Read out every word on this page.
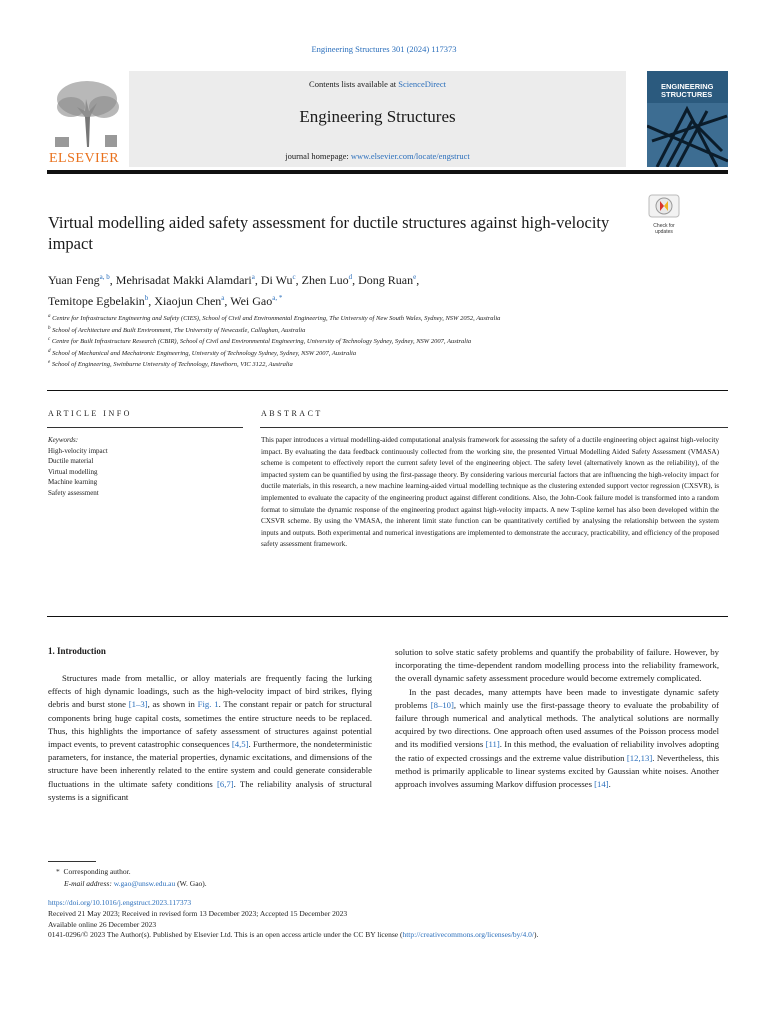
Engineering Structures 301 (2024) 117373
ELSEVIER
Contents lists available at ScienceDirect
Engineering Structures
journal homepage: www.elsevier.com/locate/engstruct
ENGINEERING
STRUCTURES
Virtual modelling aided safety assessment for ductile structures against high-velocity impact
Check for
updates
Yuan Feng$^{a, b}$, Mehrisadat Makki Alamdari$^a$, Di Wu$^c$, Zhen Luo$^d$, Dong Ruan$^e$,
Temitope Egbelakin$^b$, Xiaojun Chen$^a$, Wei Gao$^{a, *}$
$^a$ Centre for Infrastructure Engineering and Safety (CIES), School of Civil and Environmental Engineering, The University of New South Wales, Sydney, NSW 2052, Australia
$^b$ School of Architecture and Built Environment, The University of Newcastle, Callaghan, Australia
$^c$ Centre for Built Infrastructure Research (CBIR), School of Civil and Environmental Engineering, University of Technology Sydney, Sydney, NSW 2007, Australia
$^d$ School of Mechanical and Mechatronic Engineering, University of Technology Sydney, Sydney, NSW 2007, Australia
$^e$ School of Engineering, Swinburne University of Technology, Hawthorn, VIC 3122, Australia
ARTICLE INFO	ABSTRACT
Keywords:
High-velocity impact
Ductile material
Virtual modelling
Machine learning
Safety assessment
This paper introduces a virtual modelling-aided computational analysis framework for assessing the safety of a ductile engineering object against high-velocity impact. By evaluating the data feedback continuously collected from the working site, the presented Virtual Modelling Aided Safety Assessment (VMASA) scheme is competent to effectively report the current safety level of the engineering object. The safety level (alternatively known as the reliability), of the impacted system can be quantified by using the first-passage theory. By considering various mercurial factors that are influencing the high-velocity impact for ductile materials, in this research, a new machine learning-aided virtual modelling technique as the clustering extended support vector regression (CXSVR), is implemented to evaluate the capacity of the engineering product against different conditions. Also, the John-Cook failure model is transformed into a random format to simulate the dynamic response of the engineering product against high-velocity impacts. A new T-spline kernel has also been developed within the CXSVR scheme. By using the VMASA, the inherent limit state function can be quantitatively certified by analysing the relationship between the system inputs and outputs. Both experimental and numerical investigations are implemented to demonstrate the accuracy, practicability, and efficiency of the proposed safety assessment framework.
1. Introduction

Structures made from metallic, or alloy materials are frequently facing the lurking effects of high dynamic loadings, such as the high-velocity impact of bird strikes, flying debris and burst stone [1–3], as shown in Fig. 1. The constant repair or patch for structural components bring huge capital costs, sometimes the entire structure needs to be replaced. Thus, this highlights the importance of safety assessment of structures against potential impact events, to prevent catastrophic consequences [4,5]. Furthermore, the nondeterministic parameters, for instance, the material properties, dynamic excitations, and dimensions of the structure have been inherently related to the entire system and could generate considerable fluctuations in the ultimate safety conditions [6,7]. The reliability analysis of structural systems is a significant

solution to solve static safety problems and quantify the probability of failure. However, by incorporating the time-dependent random modelling process into the reliability framework, the overall dynamic safety assessment procedure would become extremely complicated.

In the past decades, many attempts have been made to investigate dynamic safety problems [8–10], which mainly use the first-passage theory to evaluate the probability of failure through numerical and analytical methods. The analytical solutions are normally acquired by two directions. One approach often used assumes of the Poisson process model and its modified versions [11]. In this method, the evaluation of reliability involves adopting the ratio of expected crossings and the extreme value distribution [12,13]. Nevertheless, this method is primarily applicable to linear systems excited by Gaussian white noises. Another approach involves assuming Markov diffusion processes [14].

* Corresponding author.
E-mail address: w.gao@unsw.edu.au (W. Gao).
https://doi.org/10.1016/j.engstruct.2023.117373
Received 21 May 2023; Received in revised form 13 December 2023; Accepted 15 December 2023
Available online 26 December 2023
0141-0296/© 2023 The Author(s). Published by Elsevier Ltd. This is an open access article under the CC BY license (http://creativecommons.org/licenses/by/4.0/).
